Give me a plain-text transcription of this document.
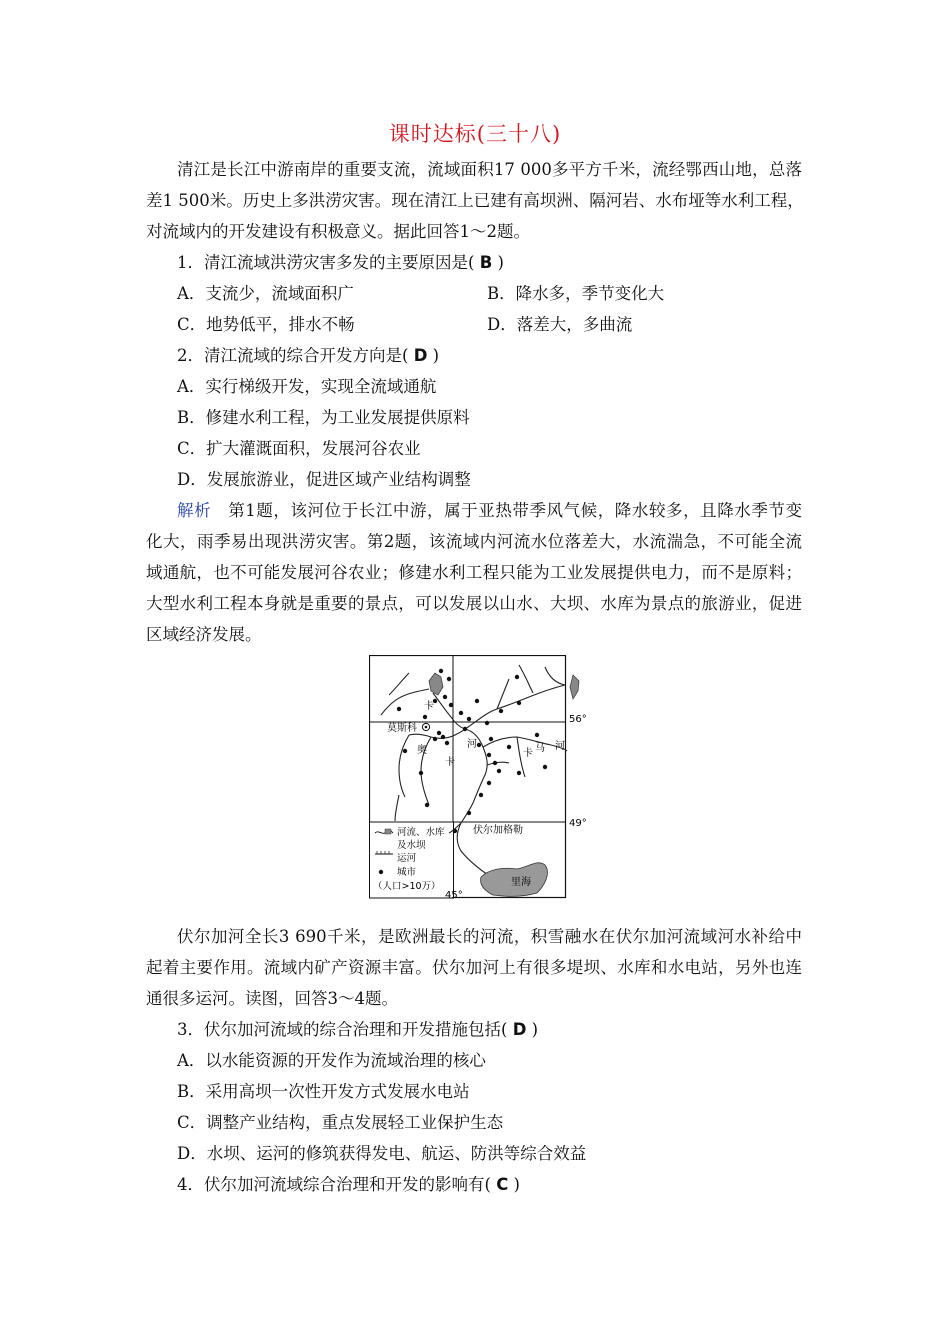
课时达标(三十八)
清江是长江中游南岸的重要支流，流域面积17 000多平方千米，流经鄂西山地，总落
差1 500米。历史上多洪涝灾害。现在清江上已建有高坝洲、隔河岩、水布垭等水利工程，
对流域内的开发建设有积极意义。据此回答1～2题。
1．清江流域洪涝灾害多发的主要原因是( B )
A．支流少，流域面积广	B．降水多，季节变化大
C．地势低平，排水不畅	D．落差大，多曲流
2．清江流域的综合开发方向是( D )
A．实行梯级开发，实现全流域通航
B．修建水利工程，为工业发展提供原料
C．扩大灌溉面积，发展河谷农业
D．发展旅游业，促进区域产业结构调整
解析  第1题，该河位于长江中游，属于亚热带季风气候，降水较多，且降水季节变
化大，雨季易出现洪涝灾害。第2题，该流域内河流水位落差大，水流湍急，不可能全流
域通航，也不可能发展河谷农业；修建水利工程只能为工业发展提供电力，而不是原料；
大型水利工程本身就是重要的景点，可以发展以山水、大坝、水库为景点的旅游业，促进
区域经济发展。
莫斯科
卡
河
奥
卡
卡 马 河
伏尔加格勒
里海
56°
49°
45°
河流、水库
及水坝
运河
城市
（人口>10万）
伏尔加河全长3 690千米，是欧洲最长的河流，积雪融水在伏尔加河流域河水补给中
起着主要作用。流域内矿产资源丰富。伏尔加河上有很多堤坝、水库和水电站，另外也连
通很多运河。读图，回答3～4题。
3．伏尔加河流域的综合治理和开发措施包括( D )
A．以水能资源的开发作为流域治理的核心
B．采用高坝一次性开发方式发展水电站
C．调整产业结构，重点发展轻工业保护生态
D．水坝、运河的修筑获得发电、航运、防洪等综合效益
4．伏尔加河流域综合治理和开发的影响有( C )
